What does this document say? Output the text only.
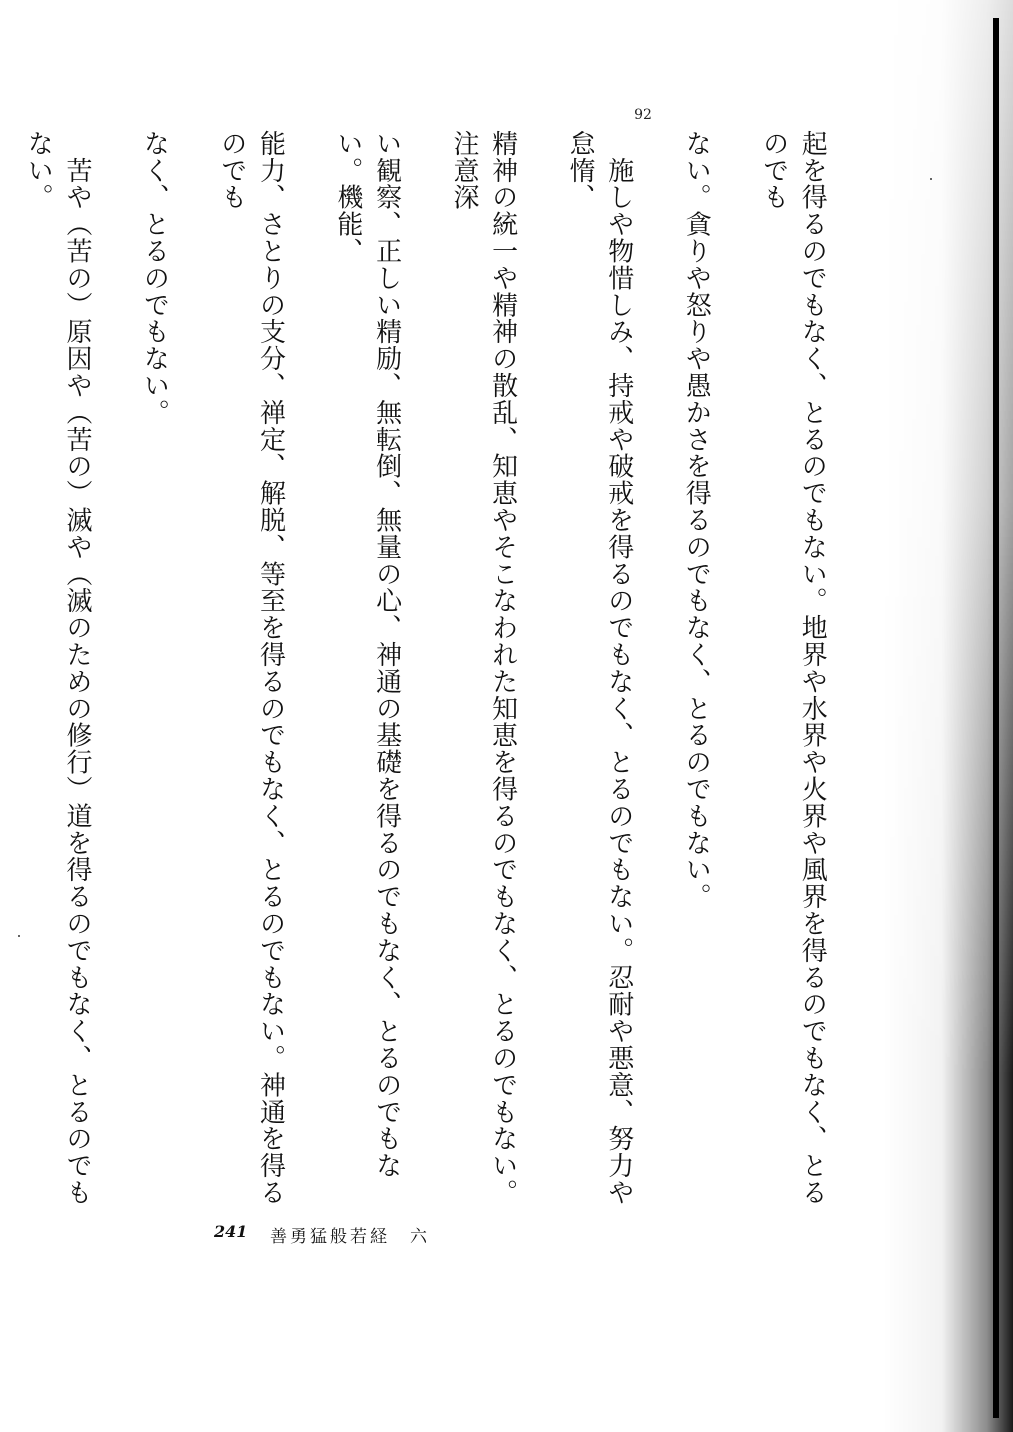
92

起を得るのでもなく、とるのでもない。地界や水界や火界や風界を得るのでもなく、とるのでも

ない。貪りや怒りや愚かさを得るのでもなく、とるのでもない。

　施しや物惜しみ、持戒や破戒を得るのでもなく、とるのでもない。忍耐や悪意、努力や怠惰、

精神の統一や精神の散乱、知恵やそこなわれた知恵を得るのでもなく、とるのでもない。注意深

い観察、正しい精励、無転倒、無量の心、神通の基礎を得るのでもなく、とるのでもない。機能、

能力、さとりの支分、禅定、解脱、等至を得るのでもなく、とるのでもない。神通を得るのでも

なく、とるのでもない。

　苦や（苦の）原因や（苦の）滅や（滅のための修行）道を得るのでもなく、とるのでもない。

241 善勇猛般若経　六
